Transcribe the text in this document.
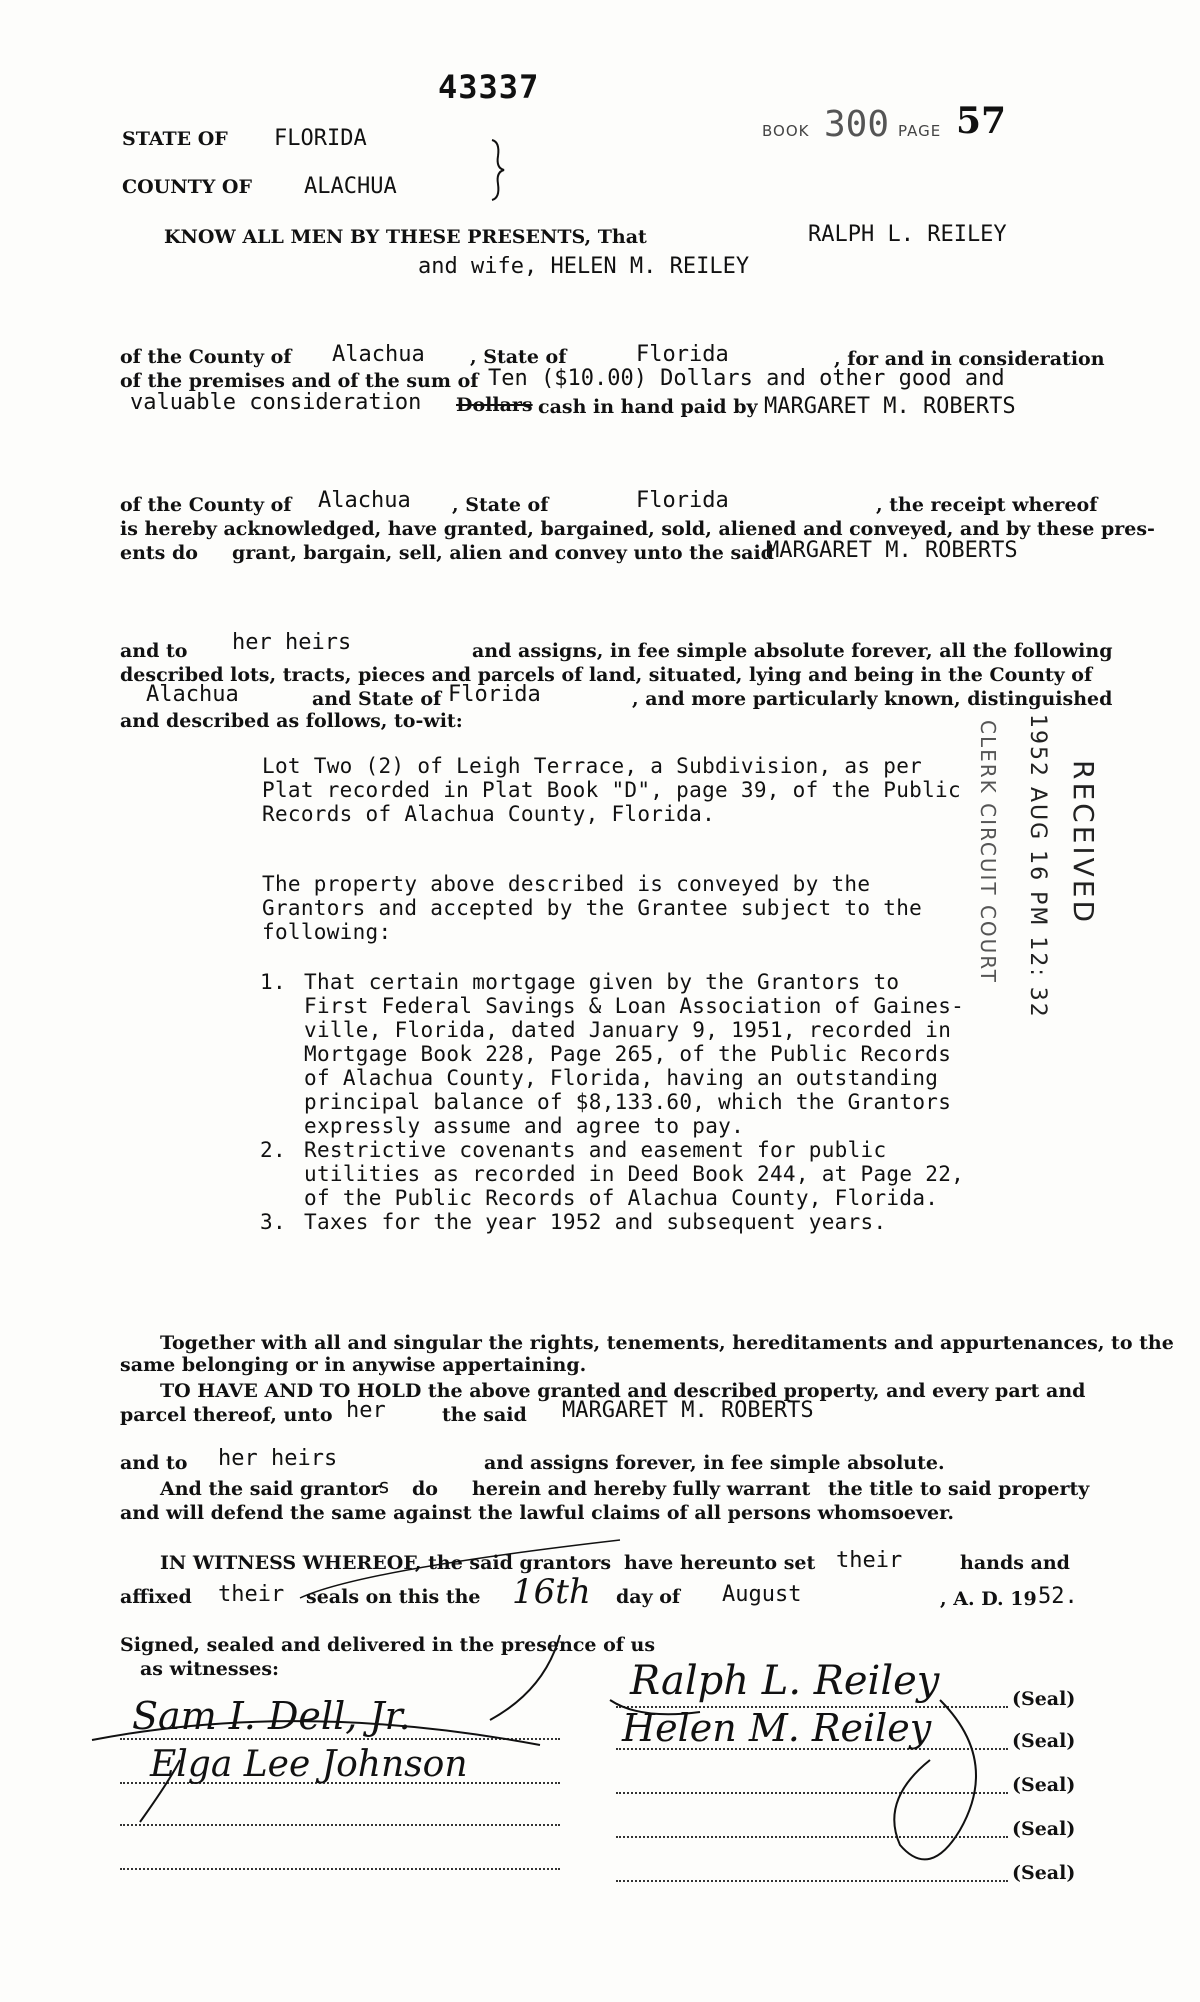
43337
BOOK 300 PAGE 57
STATE OF FLORIDA
COUNTY OF ALACHUA
KNOW ALL MEN BY THESE PRESENTS, That	RALPH L. REILEY
and wife, HELEN M. REILEY
of the County of Alachua , State of	Florida	, for and in consideration
of the premises and of the sum of Ten ($10.00) Dollars and other good and
valuable consideration Dollars cash in hand paid by MARGARET M. ROBERTS
of the County of Alachua , State of	Florida	, the receipt whereof
is hereby acknowledged, have granted, bargained, sold, aliened and conveyed, and by these pres-
ents do grant, bargain, sell, alien and convey unto the said
MARGARET M. ROBERTS
and to her heirs	and assigns, in fee simple absolute forever, all the following
described lots, tracts, pieces and parcels of land, situated, lying and being in the County of
Alachua	and State of Florida	, and more particularly known, distinguished
and described as follows, to-wit:
Lot Two (2) of Leigh Terrace, a Subdivision, as per
Plat recorded in Plat Book "D", page 39, of the Public
Records of Alachua County, Florida.
The property above described is conveyed by the
Grantors and accepted by the Grantee subject to the
following:
1. That certain mortgage given by the Grantors to
First Federal Savings & Loan Association of Gaines-
ville, Florida, dated January 9, 1951, recorded in
Mortgage Book 228, Page 265, of the Public Records
of Alachua County, Florida, having an outstanding
principal balance of $8,133.60, which the Grantors
expressly assume and agree to pay.
2. Restrictive covenants and easement for public
utilities as recorded in Deed Book 244, at Page 22,
of the Public Records of Alachua County, Florida.
3. Taxes for the year 1952 and subsequent years.
RECEIVED
1952 AUG 16 PM 12: 32
CLERK CIRCUIT COURT
Together with all and singular the rights, tenements, hereditaments and appurtenances, to the
same belonging or in anywise appertaining.
TO HAVE AND TO HOLD the above granted and described property, and every part and
parcel thereof, unto her	the said MARGARET M. ROBERTS
and to her heirs	and assigns forever, in fee simple absolute.
And the said grantor
s do herein and hereby fully warrant the title to said property
and will defend the same against the lawful claims of all persons whomsoever.
IN WITNESS WHEREOF, the said grantors have hereunto set their	hands and
affixed their seals on this the 16th day of August	, A. D. 19 52.
Signed, sealed and delivered in the presence of us
as witnesses:
Sam I. Dell, Jr.
Elga Lee Johnson
(Seal)
(Seal)
(Seal)
(Seal)
(Seal)
Ralph L. Reiley
Helen M. Reiley
